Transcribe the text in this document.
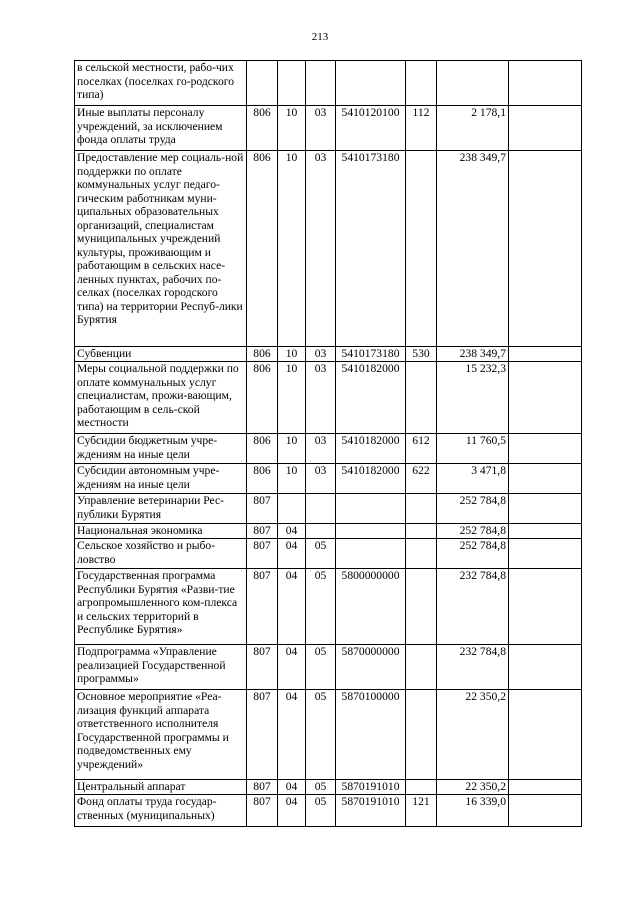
213
в сельской местности, рабо-чих поселках (поселках го-родского типа)							
Иные выплаты персоналу учреждений, за исключением фонда оплаты труда	806	10	03	5410120100	112	2 178,1	
Предоставление мер социаль-ной поддержки по оплате коммунальных услуг педаго-гическим работникам муни-ципальных образовательных организаций, специалистам муниципальных учреждений культуры, проживающим и работающим в сельских насе-ленных пунктах, рабочих по-селках (поселках городского типа) на территории Респуб-лики Бурятия	806	10	03	5410173180		238 349,7	
Субвенции	806	10	03	5410173180	530	238 349,7	
Меры социальной поддержки по оплате коммунальных услуг специалистам, прожи-вающим, работающим в сель-ской местности	806	10	03	5410182000		15 232,3	
Субсидии бюджетным учре-ждениям на иные цели	806	10	03	5410182000	612	11 760,5	
Субсидии автономным учре-ждениям на иные цели	806	10	03	5410182000	622	3 471,8	
Управление ветеринарии Рес-публики Бурятия	807					252 784,8	
Национальная экономика	807	04				252 784,8	
Сельское хозяйство и рыбо-ловство	807	04	05			252 784,8	
Государственная программа Республики Бурятия «Разви-тие агропромышленного ком-плекса и сельских территорий в Республике Бурятия»	807	04	05	5800000000		232 784,8	
Подпрограмма «Управление реализацией Государственной программы»	807	04	05	5870000000		232 784,8	
Основное мероприятие «Реа-лизация функций аппарата ответственного исполнителя Государственной программы и подведомственных ему учреждений»	807	04	05	5870100000		22 350,2	
Центральный аппарат	807	04	05	5870191010		22 350,2	
Фонд оплаты труда государ-ственных (муниципальных)	807	04	05	5870191010	121	16 339,0	
